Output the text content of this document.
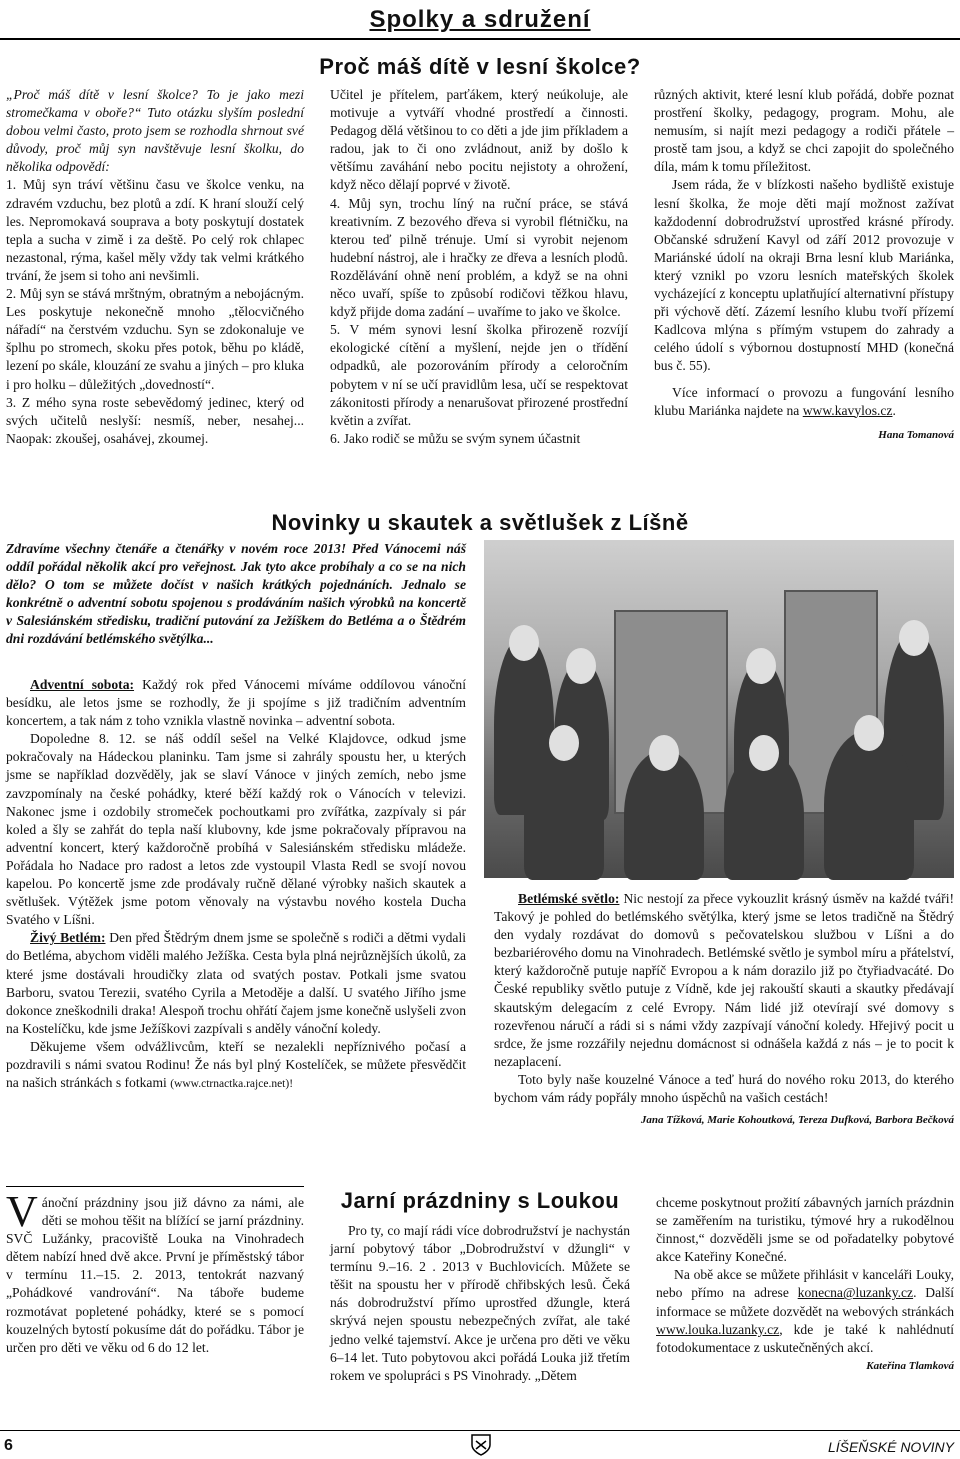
Spolky a sdružení
Proč máš dítě v lesní školce?

„Proč máš dítě v lesní školce? To je jako mezi stromečkama v oboře?“ Tuto otázku slyším poslední dobou velmi často, proto jsem se rozhodla shrnout své důvody, proč můj syn navštěvuje lesní školku, do několika odpovědí:

1. Můj syn tráví většinu času ve školce venku, na zdravém vzduchu, bez plotů a zdí. K hraní slouží celý les. Nepromokavá souprava a boty poskytují dostatek tepla a sucha v zimě i za deště. Po celý rok chlapec nezastonal, rýma, kašel měly vždy tak velmi krátkého trvání, že jsem si toho ani nevšimli.
2. Můj syn se stává mrštným, obratným a nebojácným. Les poskytuje nekonečně mnoho „tělocvičného nářadí“ na čerstvém vzduchu. Syn se zdokonaluje ve šplhu po stromech, skoku přes potok, běhu po kládě, lezení po skále, klouzání ze svahu a jiných – pro kluka i pro holku – důležitých „dovedností“.
3. Z mého syna roste sebevědomý jedinec, který od svých učitelů neslyší: nesmíš, neber, nesahej... Naopak: zkoušej, osahávej, zkoumej.

Učitel je přítelem, parťákem, který neúkoluje, ale motivuje a vytváří vhodné prostředí a činnosti. Pedagog dělá většinou to co děti a jde jim příkladem a radou, jak to či ono zvládnout, aniž by došlo k většímu zaváhání nebo pocitu nejistoty a ohrožení, když něco dělají poprvé v životě.
4. Můj syn, trochu líný na ruční práce, se stává kreativním. Z bezového dřeva si vyrobil flétničku, na kterou teď pilně trénuje. Umí si vyrobit nejenom hudební nástroj, ale i hračky ze dřeva a lesních plodů. Rozdělávání ohně není problém, a když se na ohni něco uvaří, spíše to způsobí rodičovi těžkou hlavu, když přijde doma zadání – uvaříme to jako ve školce.
5. V mém synovi lesní školka přirozeně rozvíjí ekologické cítění a myšlení, nejde jen o třídění odpadků, ale pozorováním přírody a celoročním pobytem v ní se učí pravidlům lesa, učí se respektovat zákonitosti přírody a nenarušovat přirozené prostřední květin a zvířat.
6. Jako rodič se můžu se svým synem účastnit

různých aktivit, které lesní klub pořádá, dobře poznat prostření školky, pedagogy, program. Mohu, ale nemusím, si najít mezi pedagogy a rodiči přátele – prostě tam jsou, a když se chci zapojit do společného díla, mám k tomu příležitost.

Jsem ráda, že v blízkosti našeho bydliště existuje lesní školka, že moje děti mají možnost zažívat každodenní dobrodružství uprostřed krásné přírody. Občanské sdružení Kavyl od září 2012 provozuje v Mariánské údolí na okraji Brna lesní klub Mariánka, který vznikl po vzoru lesních mateřských školek vycházející z konceptu uplatňující alternativní přístupy při výchově dětí. Zázemí lesního klubu tvoří přízemí Kadlcova mlýna s přímým vstupem do zahrady a celého údolí s výbornou dostupností MHD (konečná bus č. 55).

Více informací o provozu a fungování lesního klubu Mariánka najdete na www.kavylos.cz.

Hana Tomanová

Novinky u skautek a světlušek z Líšně
Zdravíme všechny čtenáře a čtenářky v novém roce 2013! Před Vánocemi náš oddíl pořádal několik akcí pro veřejnost. Jak tyto akce probíhaly a co se na nich dělo? O tom se můžete dočíst v našich krátkých pojednáních. Jednalo se konkrétně o adventní sobotu spojenou s prodáváním našich výrobků na koncertě v Salesiánském středisku, tradiční putování za Ježíškem do Betléma a o Štědrém dni rozdávání betlémského světýlka...

Adventní sobota: Každý rok před Vánocemi míváme oddílovou vánoční besídku, ale letos jsme se rozhodly, že ji spojíme s již tradičním adventním koncertem, a tak nám z toho vznikla vlastně novinka – adventní sobota.

Dopoledne 8. 12. se náš oddíl sešel na Velké Klajdovce, odkud jsme pokračovaly na Hádeckou planinku. Tam jsme si zahrály spoustu her, u kterých jsme se například dozvěděly, jak se slaví Vánoce v jiných zemích, nebo jsme zavzpomínaly na české pohádky, které běží každý rok o Vánocích v televizi. Nakonec jsme i ozdobily stromeček pochoutkami pro zvířátka, zazpívaly si pár koled a šly se zahřát do tepla naší klubovny, kde jsme pokračovaly přípravou na adventní koncert, který každoročně probíhá v Salesiánském středisku mládeže. Pořádala ho Nadace pro radost a letos zde vystoupil Vlasta Redl se svojí novou kapelou. Po koncertě jsme zde prodávaly ručně dělané výrobky našich skautek a světlušek. Výtěžek jsme potom věnovaly na výstavbu nového kostela Ducha Svatého v Líšni.

Živý Betlém: Den před Štědrým dnem jsme se společně s rodiči a dětmi vydali do Betléma, abychom viděli malého Ježíška. Cesta byla plná nejrůznějších úkolů, za které jsme dostávali hroudičky zlata od svatých postav. Potkali jsme svatou Barboru, svatou Terezii, svatého Cyrila a Metoděje a další. U svatého Jiřího jsme dokonce zneškodnili draka! Alespoň trochu ohřátí čajem jsme konečně uslyšeli zvon na Kostelíčku, kde jsme Ježíškovi zazpívali s anděly vánoční koledy.

Děkujeme všem odvážlivcům, kteří se nezalekli nepříznivého počasí a pozdravili s námi svatou Rodinu! Že nás byl plný Kostelíček, se můžete přesvědčit na našich stránkách s fotkami (www.ctrnactka.rajce.net)!

Betlémské světlo: Nic nestojí za přece vykouzlit krásný úsměv na každé tváři! Takový je pohled do betlémského světýlka, který jsme se letos tradičně na Štědrý den vydaly rozdávat do domovů s pečovatelskou službou v Líšni a do bezbariérového domu na Vinohradech. Betlémské světlo je symbol míru a přátelství, který každoročně putuje napříč Evropou a k nám dorazilo již po čtyřiadvacáté. Do České republiky světlo putuje z Vídně, kde jej rakouští skauti a skautky předávají skautským delegacím z celé Evropy. Nám lidé již otevírají své domovy s rozevřenou náručí a rádi si s námi vždy zazpívají vánoční koledy. Hřejivý pocit u srdce, že jsme rozzářily nejednu domácnost si odnášela každá z nás – je to pocit k nezaplacení.

Toto byly naše kouzelné Vánoce a teď hurá do nového roku 2013, do kterého bychom vám rády popřály mnoho úspěchů na vašich cestách!

Jana Tížková, Marie Kohoutková, Tereza Dufková, Barbora Bečková

Jarní prázdniny s Loukou
Vánoční prázdniny jsou již dávno za námi, ale děti se mohou těšit na blížící se jarní prázdniny. SVČ Lužánky, pracoviště Louka na Vinohradech dětem nabízí hned dvě akce. První je příměstský tábor v termínu 11.–15. 2. 2013, tentokrát nazvaný „Pohádkové vandrování“. Na táboře budeme rozmotávat popletené pohádky, které se s pomocí kouzelných bytostí pokusíme dát do pořádku. Tábor je určen pro děti ve věku od 6 do 12 let.
Pro ty, co mají rádi více dobrodružství je nachystán jarní pobytový tábor „Dobrodružství v džungli“ v termínu 9.–16. 2 . 2013 v Buchlovicích. Můžete se těšit na spoustu her v přírodě chřibských lesů. Čeká nás dobrodružství přímo uprostřed džungle, která skrývá nejen spoustu nebezpečných zvířat, ale také jedno velké tajemství. Akce je určena pro děti ve věku 6–14 let. Tuto pobytovou akci pořádá Louka již třetím rokem ve spolupráci s PS Vinohrady. „Dětem

chceme poskytnout prožití zábavných jarních prázdnin se zaměřením na turistiku, týmové hry a rukodělnou činnost,“ dozvěděli jsme se od pořadatelky pobytové akce Kateřiny Konečné.

Na obě akce se můžete přihlásit v kanceláři Louky, nebo přímo na adrese konecna@luzanky.cz. Další informace se můžete dozvědět na webových stránkách www.louka.luzanky.cz, kde je také k nahlédnutí fotodokumentace z uskutečněných akcí.
Kateřina Tlamková

6	LÍŠEŇSKÉ NOVINY
